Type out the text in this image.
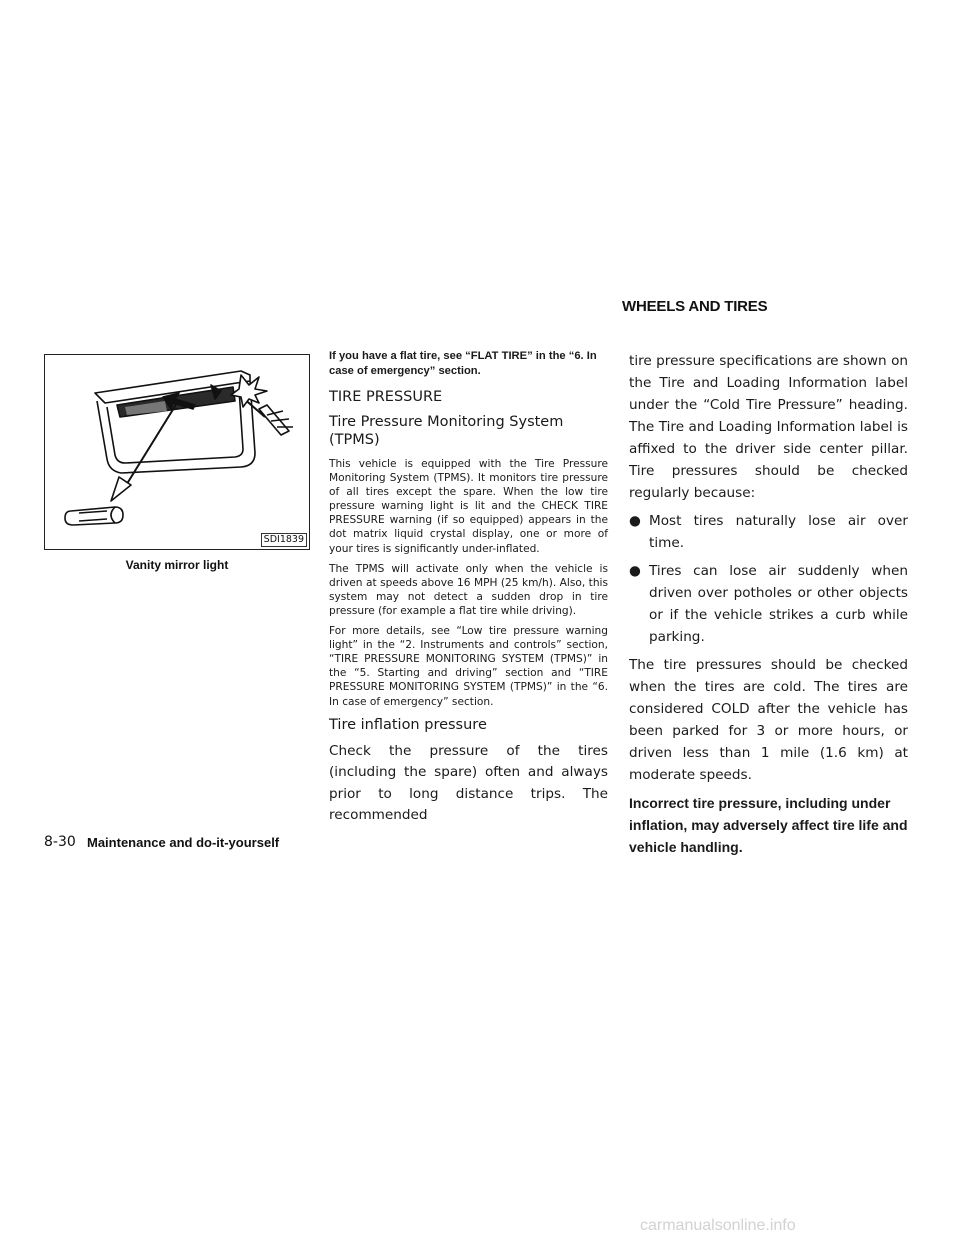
WHEELS AND TIRES
SDI1839
Vanity mirror light

If you have a flat tire, see “FLAT TIRE” in the “6. In case of emergency” section.

TIRE PRESSURE
Tire Pressure Monitoring System (TPMS)

This vehicle is equipped with the Tire Pressure Monitoring System (TPMS). It monitors tire pressure of all tires except the spare. When the low tire pressure warning light is lit and the CHECK TIRE PRESSURE warning (if so equipped) appears in the dot matrix liquid crystal display, one or more of your tires is significantly under-inflated.

The TPMS will activate only when the vehicle is driven at speeds above 16 MPH (25 km/h). Also, this system may not detect a sudden drop in tire pressure (for example a flat tire while driving).

For more details, see “Low tire pressure warning light” in the “2. Instruments and controls” section, “TIRE PRESSURE MONITORING SYSTEM (TPMS)” in the “5. Starting and driving” section and “TIRE PRESSURE MONITORING SYSTEM (TPMS)” in the “6. In case of emergency” section.

Tire inflation pressure

Check the pressure of the tires (including the spare) often and always prior to long distance trips. The recommended

tire pressure specifications are shown on the Tire and Loading Information label under the “Cold Tire Pressure” heading. The Tire and Loading Information label is affixed to the driver side center pillar. Tire pressures should be checked regularly because:

● Most tires naturally lose air over time.
● Tires can lose air suddenly when driven over potholes or other objects or if the vehicle strikes a curb while parking.

The tire pressures should be checked when the tires are cold. The tires are considered COLD after the vehicle has been parked for 3 or more hours, or driven less than 1 mile (1.6 km) at moderate speeds.

Incorrect tire pressure, including under inflation, may adversely affect tire life and vehicle handling.

8-30 Maintenance and do-it-yourself
carmanualsonline.info
